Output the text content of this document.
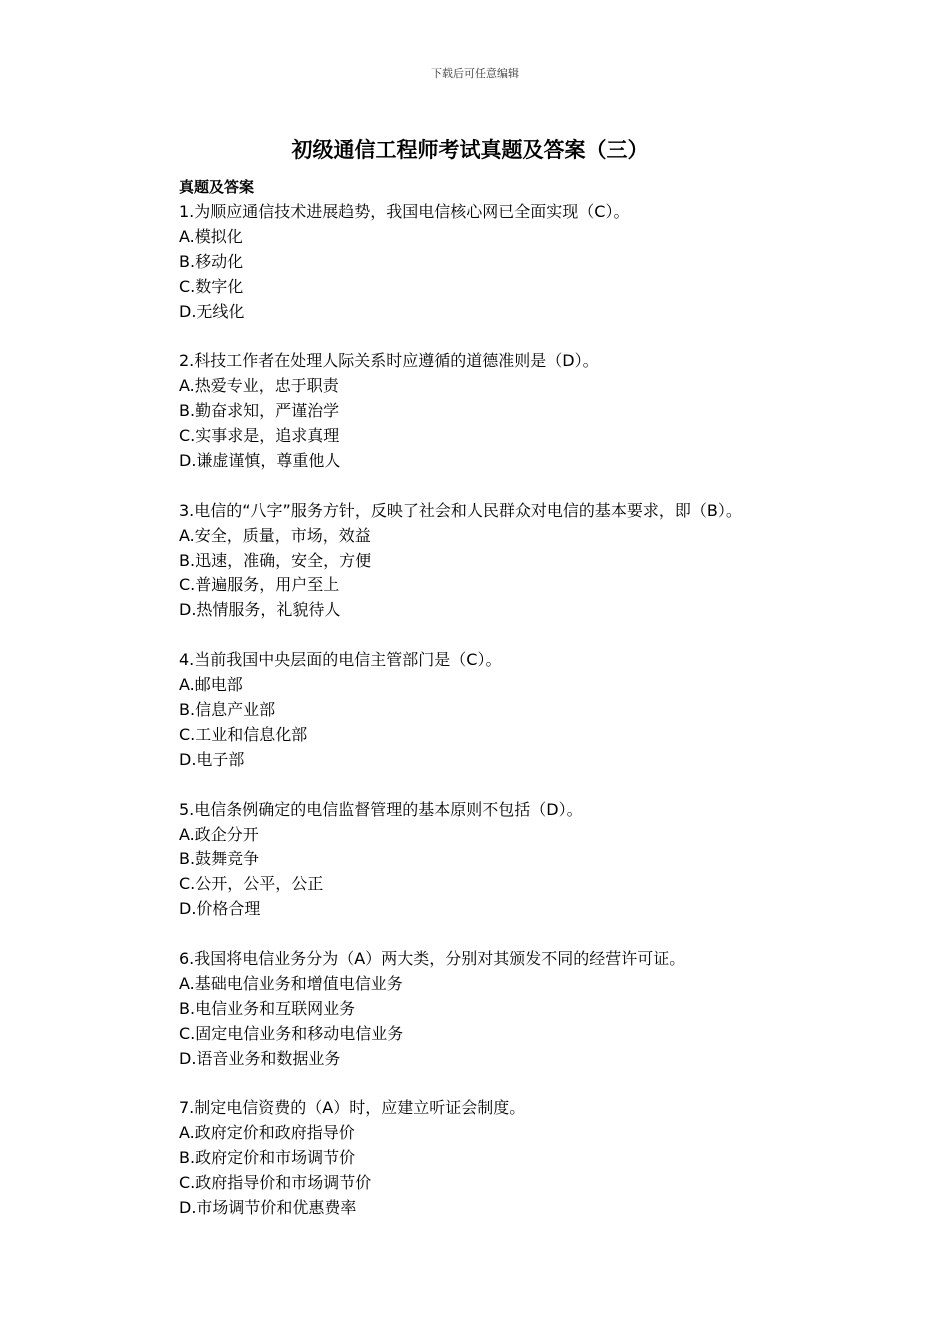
下载后可任意编辑
初级通信工程师考试真题及答案（三）
真题及答案
1.为顺应通信技术进展趋势，我国电信核心网已全面实现（C）。
A.模拟化
B.移动化
C.数字化
D.无线化
2.科技工作者在处理人际关系时应遵循的道德准则是（D）。
A.热爱专业，忠于职责
B.勤奋求知，严谨治学
C.实事求是，追求真理
D.谦虚谨慎，尊重他人
3.电信的“八字”服务方针，反映了社会和人民群众对电信的基本要求，即（B）。
A.安全，质量，市场，效益
B.迅速，准确，安全，方便
C.普遍服务，用户至上
D.热情服务，礼貌待人
4.当前我国中央层面的电信主管部门是（C）。
A.邮电部
B.信息产业部
C.工业和信息化部
D.电子部
5.电信条例确定的电信监督管理的基本原则不包括（D）。
A.政企分开
B.鼓舞竞争
C.公开，公平，公正
D.价格合理
6.我国将电信业务分为（A）两大类，分别对其颁发不同的经营许可证。
A.基础电信业务和增值电信业务
B.电信业务和互联网业务
C.固定电信业务和移动电信业务
D.语音业务和数据业务
7.制定电信资费的（A）时，应建立听证会制度。
A.政府定价和政府指导价
B.政府定价和市场调节价
C.政府指导价和市场调节价
D.市场调节价和优惠费率
